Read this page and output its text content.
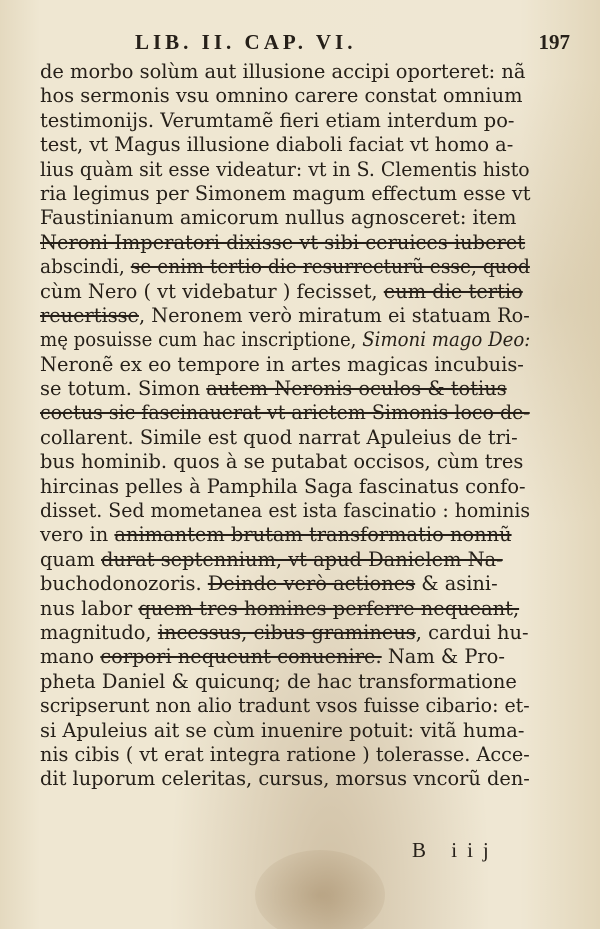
LIB. II. CAP. VI.	197
de morbo solùm aut illusione accipi oporteret: nã
hos sermonis vsu omnino carere constat omnium
testimonijs. Verumtamẽ fieri etiam interdum po-
test, vt Magus illusione diaboli faciat vt homo a-
lius quàm sit esse videatur: vt in S. Clementis histo
ria legimus per Simonem magum effectum esse vt
Faustinianum amicorum nullus agnosceret: item
Neroni Imperatori dixisse vt sibi ceruices iuberet
abscindi, se enim tertio die resurrecturũ esse, quod
cùm Nero ( vt videbatur ) fecisset, eum die tertio
reuertisse, Neronem verò miratum ei statuam Ro-
mę posuisse cum hac inscriptione, Simoni mago Deo:
Neronẽ ex eo tempore in artes magicas incubuis-
se totum. Simon autem Neronis oculos & totius
coetus sic fascinauerat vt arietem Simonis loco de-
collarent. Simile est quod narrat Apuleius de tri-
bus hominib. quos à se putabat occisos, cùm tres
hircinas pelles à Pamphila Saga fascinatus confo-
disset. Sed mometanea est ista fascinatio : hominis
vero in animantem brutam transformatio nonnũ
quam durat septennium, vt apud Danielem Na-
buchodonozoris. Deinde verò actiones & asini-
nus labor quem tres homines perferre nequeant,
magnitudo, incessus, cibus gramineus, cardui hu-
mano corpori nequeunt conuenire. Nam & Pro-
pheta Daniel & quicunq; de hac transformatione
scripserunt non alio tradunt vsos fuisse cibario: et-
si Apuleius ait se cùm inuenire potuit: vitã huma-
nis cibis ( vt erat integra ratione ) tolerasse. Acce-
dit luporum celeritas, cursus, morsus vncorũ den-
B iij
